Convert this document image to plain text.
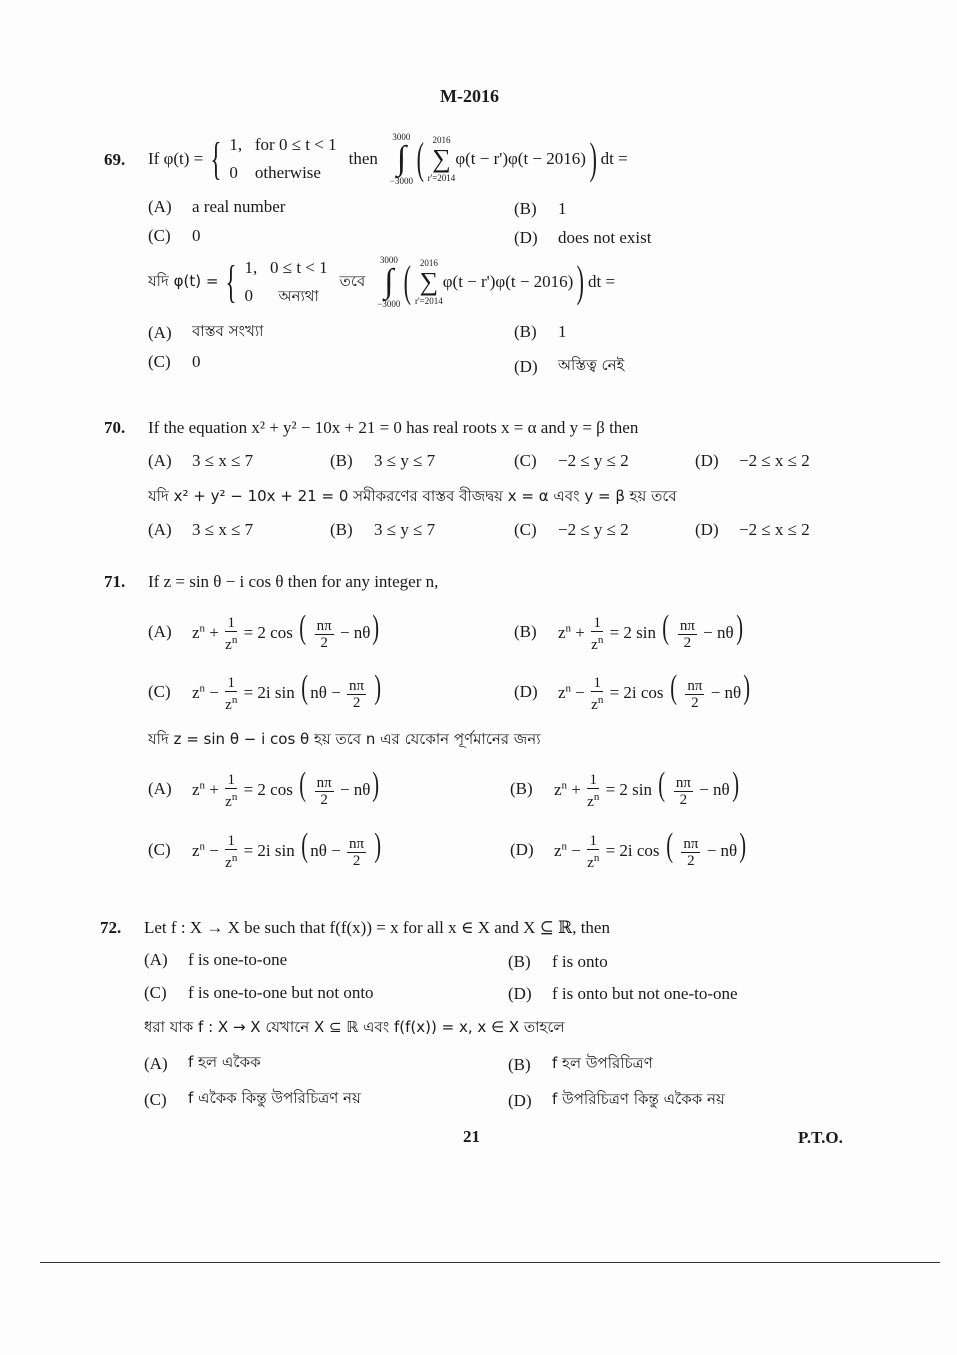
M-2016
69. If φ(t) = { 1, for 0 ≤ t < 1
0 otherwise
then
3000
∫
−3000 ( 2016
∑
r'=2014
φ(t − r')φ(t − 2016) ) dt =
(A)	a real number	(B)	1
(C)	0	(D)	does not exist
যদি φ(t) = { 1, 0 ≤ t < 1
0 অন্যথা
তবে
3000
∫
−3000 ( 2016
∑
r'=2014
φ(t − r')φ(t − 2016) ) dt =
(A)	বাস্তব সংখ্যা	(B)	1
(C)	0	(D)	অস্তিত্ব নেই
70. If the equation x² + y² − 10x + 21 = 0 has real roots x = α and y = β then
(A)	3 ≤ x ≤ 7	(B)	3 ≤ y ≤ 7	(C)	−2 ≤ y ≤ 2	(D)	−2 ≤ x ≤ 2
যদি x² + y² − 10x + 21 = 0 সমীকরণের বাস্তব বীজদ্বয় x = α এবং y = β হয় তবে
(A)	3 ≤ x ≤ 7	(B)	3 ≤ y ≤ 7	(C)	−2 ≤ y ≤ 2	(D)	−2 ≤ x ≤ 2
71. If z = sin θ − i cos θ then for any integer n,
(A)	$z^n + \frac{1}{z^n} = 2$ cos ( $\frac{n\pi}{2} - n\theta$)	(B)	$z^n + \frac{1}{z^n} = 2$ sin ( $\frac{n\pi}{2} - n\theta$)
(C)	$z^n - \frac{1}{z^n} = 2i$ sin ( $n\theta - \frac{n\pi}{2}$ )	(D)	$z^n - \frac{1}{z^n} = 2i$ cos ( $\frac{n\pi}{2} - n\theta$)
(A)	$z^n + \frac{1}{z^n} = 2$ cos ( $\frac{n\pi}{2} - n\theta$)	(B)	$z^n + \frac{1}{z^n} = 2$ sin ( $\frac{n\pi}{2} - n\theta$)
(C)	$z^n - \frac{1}{z^n} = 2i$ sin ( $n\theta - \frac{n\pi}{2}$ )	(D)	$z^n - \frac{1}{z^n} = 2i$ cos ( $\frac{n\pi}{2} - n\theta$)
যদি z = sin θ − i cos θ হয় তবে n এর যেকোন পূর্ণমানের জন্য
72. Let f : X → X be such that f(f(x)) = x for all x ∈ X and X ⊆ ℝ, then
(A)	f is one-to-one	(B)	f is onto
(C)	f is one-to-one but not onto	(D)	f is onto but not one-to-one
ধরা যাক f : X → X যেখানে X ⊆ ℝ এবং f(f(x)) = x, x ∈ X তাহলে
(A)	f হল একৈক	(B)	f হল উপরিচিত্রণ
(C)	f একৈক কিন্তু উপরিচিত্রণ নয়	(D)	f উপরিচিত্রণ কিন্তু একৈক নয়
21	P.T.O.
